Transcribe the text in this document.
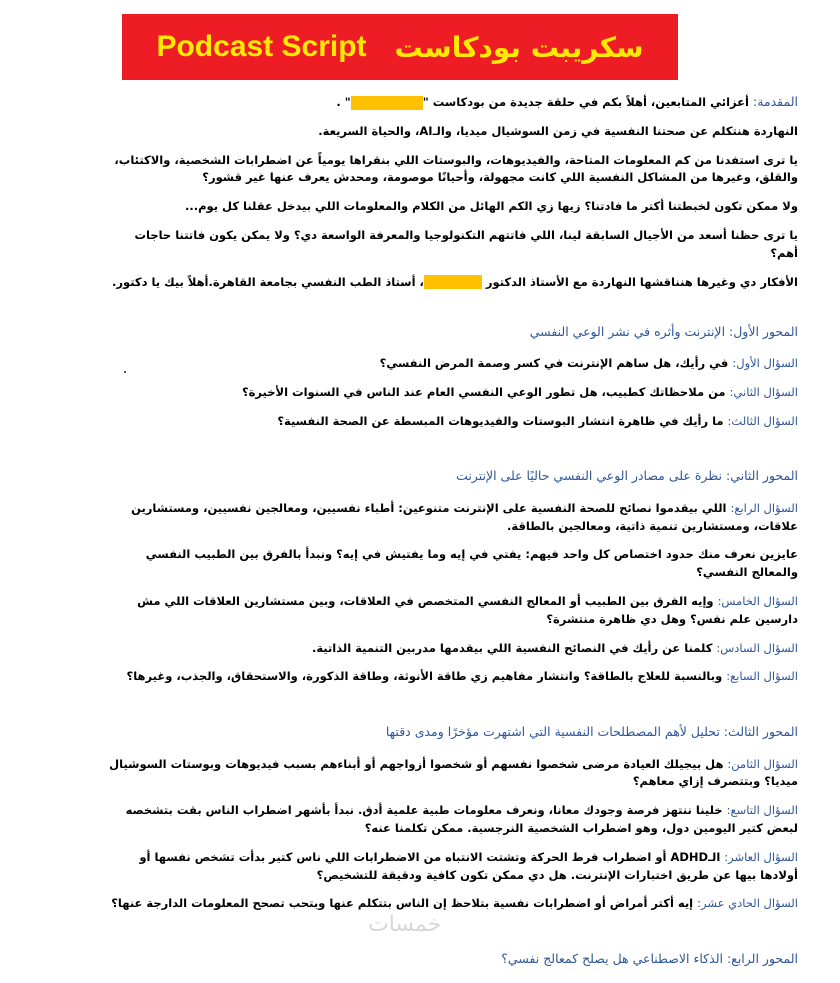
Podcast Script سكريبت بودكاست

المقدمة: أعزائي المتابعين، أهلاً بكم في حلقة جديدة من بودكاست "" .

النهاردة هنتكلم عن صحتنا النفسية في زمن السوشيال ميديا، والـAI، والحياة السريعة.

يا ترى استفدنا من كم المعلومات المتاحة، والفيديوهات، والبوستات اللي بنقراها يومياً عن اضطرابات الشخصية، والاكتئاب، والقلق، وغيرها من المشاكل النفسية اللي كانت مجهولة، وأحيانًا موصومة، ومحدش يعرف عنها غير قشور؟

ولا ممكن تكون لخبطتنا أكتر ما فادتنا؟ زيها زي الكم الهائل من الكلام والمعلومات اللي بيدخل عقلنا كل يوم...

يا ترى حظنا أسعد من الأجيال السابقة لينا، اللي فاتتهم التكنولوجيا والمعرفة الواسعة دي؟ ولا يمكن يكون فاتتنا حاجات أهم؟

الأفكار دي وغيرها هنناقشها النهاردة مع الأستاذ الدكتور ، أستاذ الطب النفسي بجامعة القاهرة.أهلاً بيك يا دكتور.

المحور الأول: الإنترنت وأثره في نشر الوعي النفسي

السؤال الأول: في رأيك، هل ساهم الإنترنت في كسر وصمة المرض النفسي؟

السؤال الثاني: من ملاحظاتك كطبيب، هل تطور الوعي النفسي العام عند الناس في السنوات الأخيرة؟

السؤال الثالث: ما رأيك في ظاهرة انتشار البوستات والفيديوهات المبسطة عن الصحة النفسية؟

المحور الثاني: نظرة على مصادر الوعي النفسي حاليًا على الإنترنت

السؤال الرابع: اللي بيقدموا نصائح للصحة النفسية على الإنترنت متنوعين: أطباء نفسيين، ومعالجين نفسيين، ومستشارين علاقات، ومستشارين تنمية ذاتية، ومعالجين بالطاقة.

عايزين نعرف منك حدود اختصاص كل واحد فيهم: يفتي في إيه وما يفتيش في إيه؟ ونبدأ بالفرق بين الطبيب النفسي والمعالج النفسي؟

السؤال الخامس: وإيه الفرق بين الطبيب أو المعالج النفسي المتخصص في العلاقات، وبين مستشارين العلاقات اللي مش دارسين علم نفس؟ وهل دي ظاهرة منتشرة؟

السؤال السادس: كلمنا عن رأيك في النصائح النفسية اللي بيقدمها مدربين التنمية الذاتية.

السؤال السابع: وبالنسبة للعلاج بالطاقة؟ وانتشار مفاهيم زي طاقة الأنوثة، وطاقة الذكورة، والاستحقاق، والجذب، وغيرها؟

المحور الثالث: تحليل لأهم المصطلحات النفسية التي اشتهرت مؤخرًا ومدى دقتها

السؤال الثامن: هل بيجيلك العيادة مرضى شخصوا نفسهم أو شخصوا أزواجهم أو أبناءهم بسبب فيديوهات وبوستات السوشيال ميديا؟ وبتتصرف إزاي معاهم؟

السؤال التاسع: خلينا ننتهز فرصة وجودك معانا، ونعرف معلومات طبية علمية أدق. نبدأ بأشهر اضطراب الناس بقت بتشخصه لبعض كتير اليومين دول، وهو اضطراب الشخصية النرجسية. ممكن تكلمنا عنه؟

السؤال العاشر: الـADHD أو اضطراب فرط الحركة وتشتت الانتباه من الاضطرابات اللي ناس كتير بدأت تشخص نفسها أو أولادها بيها عن طريق اختبارات الإنترنت. هل دي ممكن تكون كافية ودقيقة للتشخيص؟

السؤال الحادي عشر: إيه أكتر أمراض أو اضطرابات نفسية بتلاحظ إن الناس بتتكلم عنها وبتحب تصحح المعلومات الدارجة عنها؟

المحور الرابع: الذكاء الاصطناعي هل يصلح كمعالج نفسي؟
خمسات
